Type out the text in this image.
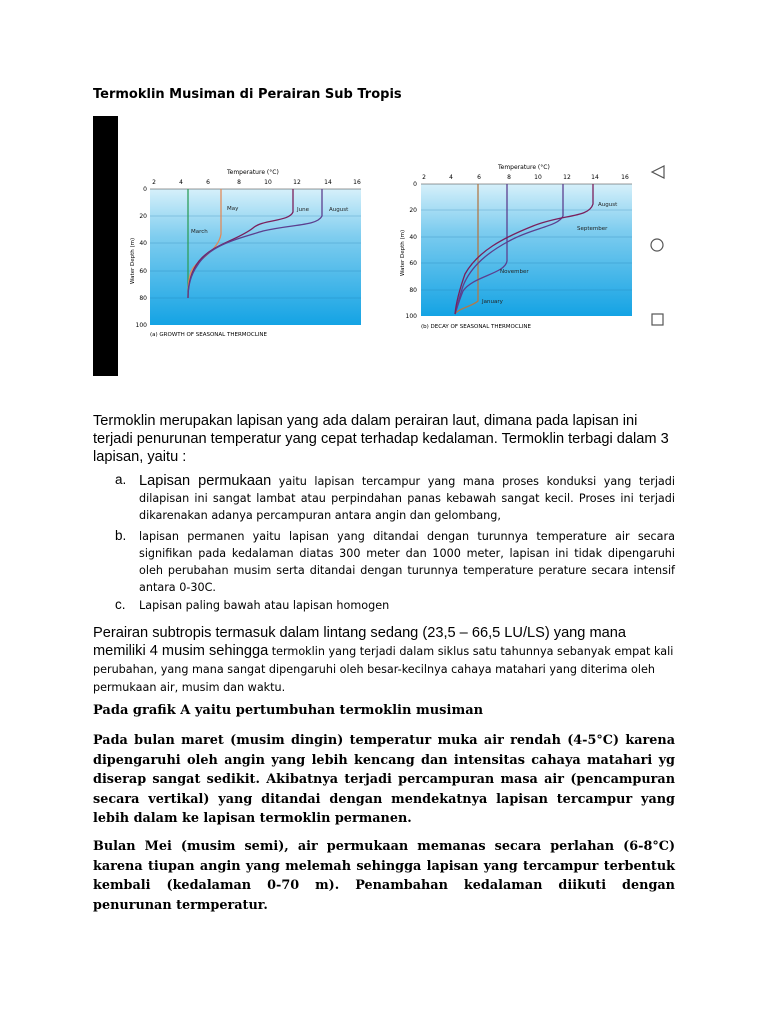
Termoklin Musiman di Perairan Sub Tropis
Temperature (°C)
2	4	6	8	10	12	14	16
0
20
40
60
80
100
Water Depth (m)
March
May	June	August
(a) GROWTH OF SEASONAL THERMOCLINE
Temperature (°C)
2	4	6	8	10	12	14	16
0
20
40
60
80
100
Water Depth (m)
August
September
November
January
(b) DECAY OF SEASONAL THERMOCLINE
Termoklin merupakan lapisan yang ada dalam perairan laut, dimana pada lapisan ini terjadi penurunan temperatur yang cepat terhadap kedalaman. Termoklin terbagi dalam 3 lapisan, yaitu :
a. Lapisan permukaan yaitu lapisan tercampur yang mana proses konduksi yang terjadi dilapisan ini sangat lambat atau perpindahan panas kebawah sangat kecil. Proses ini terjadi dikarenakan adanya percampuran antara angin dan gelombang,
b. lapisan permanen yaitu lapisan yang ditandai dengan turunnya temperature air secara signifikan pada kedalaman diatas 300 meter dan 1000 meter, lapisan ini tidak dipengaruhi oleh perubahan musim serta ditandai dengan turunnya temperature perature secara intensif antara 0-30C.
c. Lapisan paling bawah atau lapisan homogen
Perairan subtropis termasuk dalam lintang sedang (23,5 – 66,5 LU/LS) yang mana memiliki 4 musim sehingga termoklin yang terjadi dalam siklus satu tahunnya sebanyak empat kali perubahan, yang mana sangat dipengaruhi oleh besar-kecilnya cahaya matahari yang diterima oleh permukaan air, musim dan waktu.
Pada grafik A yaitu pertumbuhan termoklin musiman
Pada bulan maret (musim dingin) temperatur muka air rendah (4-5°C) karena dipengaruhi oleh angin yang lebih kencang dan intensitas cahaya matahari yg diserap sangat sedikit. Akibatnya terjadi percampuran masa air (pencampuran secara vertikal) yang ditandai dengan mendekatnya lapisan tercampur yang lebih dalam ke lapisan termoklin permanen.
Bulan Mei (musim semi), air permukaan memanas secara perlahan (6-8°C) karena tiupan angin yang melemah sehingga lapisan yang tercampur terbentuk kembali (kedalaman 0-70 m). Penambahan kedalaman diikuti dengan penurunan termperatur.
